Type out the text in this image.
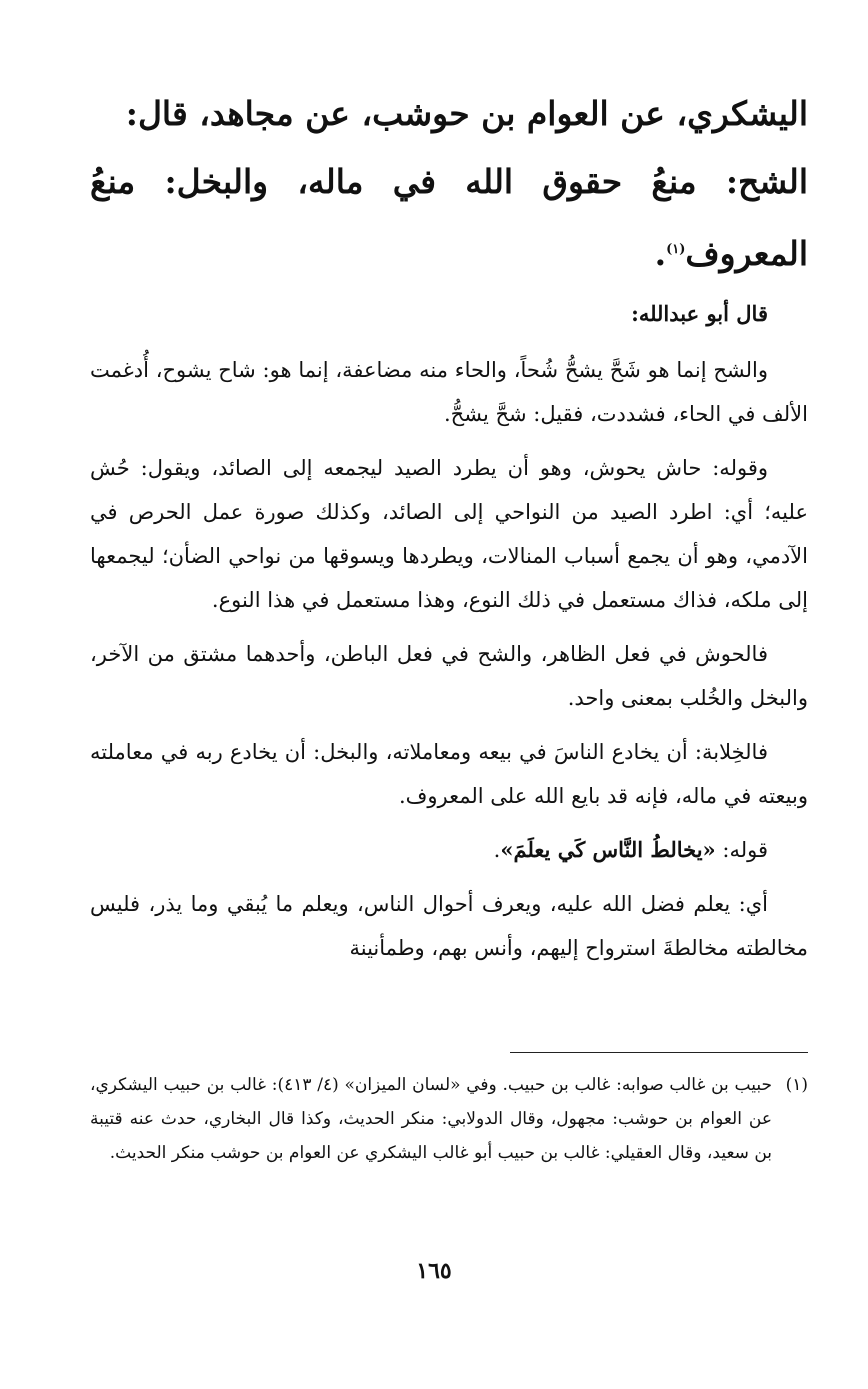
اليشكري، عن العوام بن حوشب، عن مجاهد، قال:
الشح: منعُ حقوق الله في ماله، والبخل: منعُ المعروف$^{(١)}$.

قال أبو عبدالله:

والشح إنما هو شَحَّ يشحُّ شُحاً، والحاء منه مضاعفة، إنما هو: شاح يشوح، أُدغمت الألف في الحاء، فشددت، فقيل: شحَّ يشحُّ.

وقوله: حاش يحوش، وهو أن يطرد الصيد ليجمعه إلى الصائد، ويقول: حُش عليه؛ أي: اطرد الصيد من النواحي إلى الصائد، وكذلك صورة عمل الحرص في الآدمي، وهو أن يجمع أسباب المنالات، ويطردها ويسوقها من نواحي الضأن؛ ليجمعها إلى ملكه، فذاك مستعمل في ذلك النوع، وهذا مستعمل في هذا النوع.

فالحوش في فعل الظاهر، والشح في فعل الباطن، وأحدهما مشتق من الآخر، والبخل والخُلب بمعنى واحد.

فالخِلابة: أن يخادع الناسَ في بيعه ومعاملاته، والبخل: أن يخادع ربه في معاملته وبيعته في ماله، فإنه قد بايع الله على المعروف.

قوله: «يخالطُ النَّاس كَي يعلَمَ».

أي: يعلم فضل الله عليه، ويعرف أحوال الناس، ويعلم ما يُبقي وما يذر، فليس مخالطته مخالطةَ استرواح إليهم، وأنس بهم، وطمأنينة

(١)
حبيب بن غالب صوابه: غالب بن حبيب. وفي «لسان الميزان» (٤/ ٤١٣): غالب بن حبيب اليشكري، عن العوام بن حوشب: مجهول، وقال الدولابي: منكر الحديث، وكذا قال البخاري، حدث عنه قتيبة بن سعيد، وقال العقيلي: غالب بن حبيب أبو غالب اليشكري عن العوام بن حوشب منكر الحديث.
١٦٥
